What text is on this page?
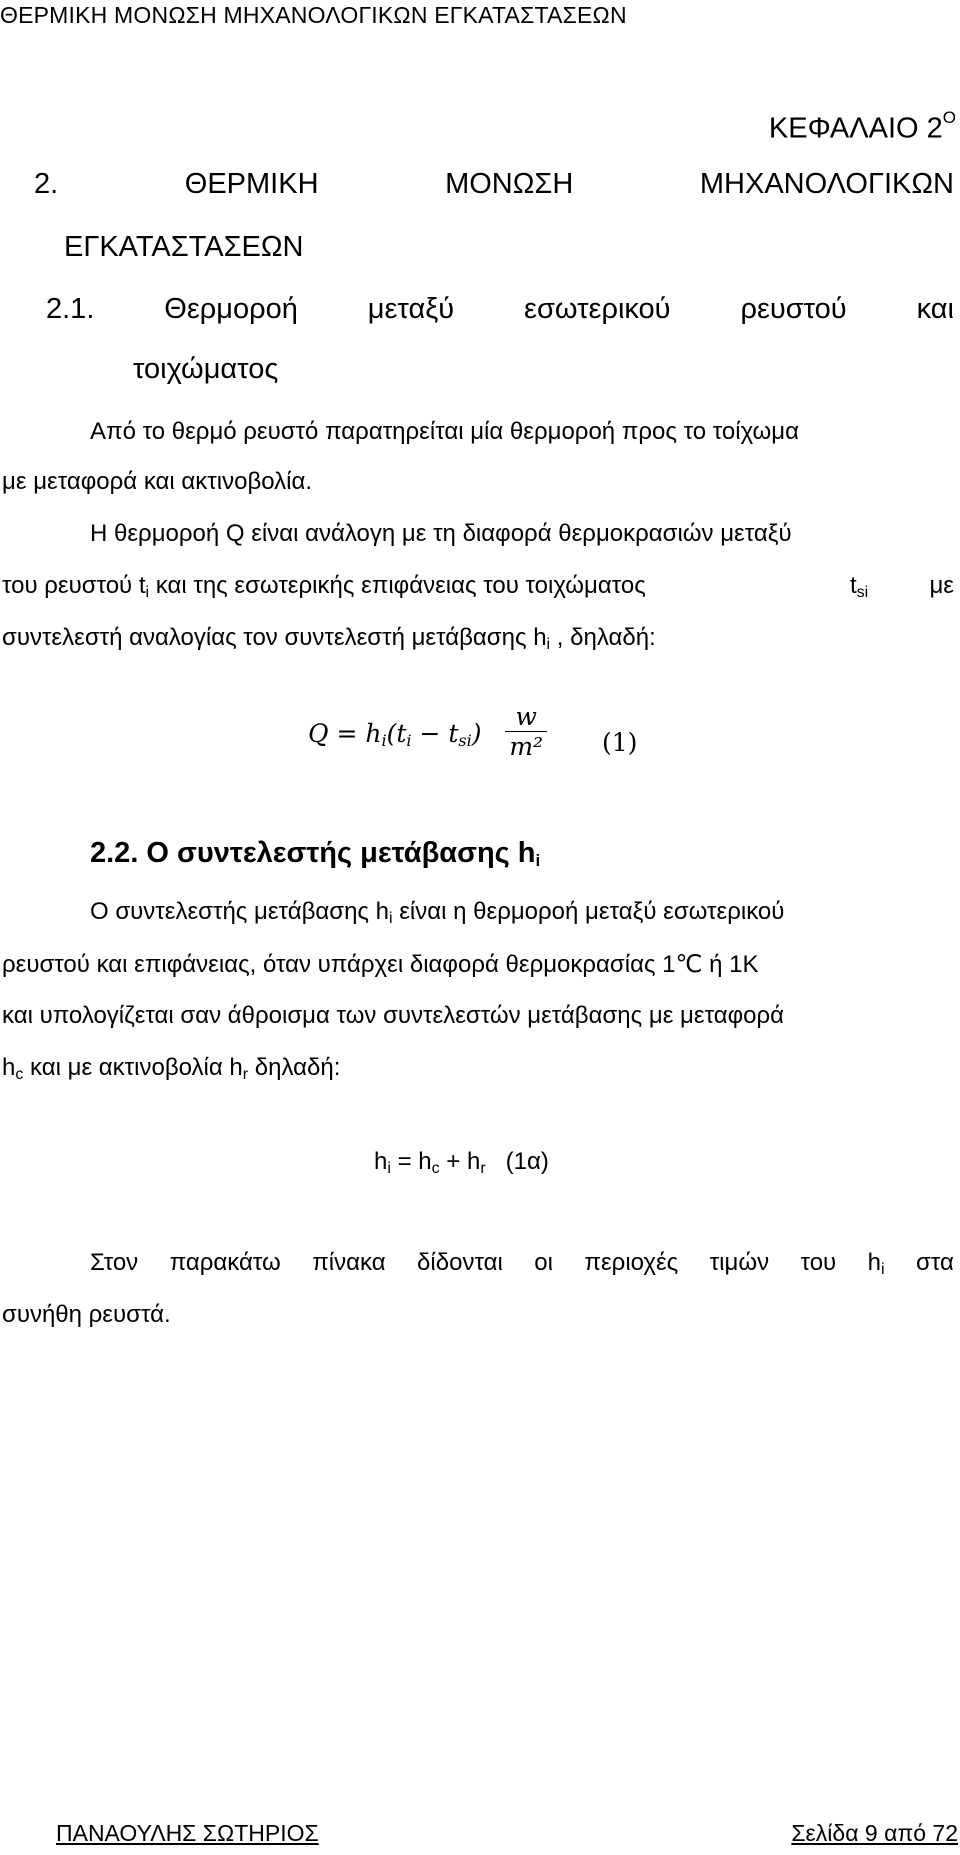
ΘΕΡΜΙΚΗ ΜΟΝΩΣΗ ΜΗΧΑΝΟΛΟΓΙΚΩΝ ΕΓΚΑΤΑΣΤΑΣΕΩΝ
ΚΕΦΑΛΑΙΟ $2^O$
2.	ΘΕΡΜΙΚΗ	ΜΟΝΩΣΗ	ΜΗΧΑΝΟΛΟΓΙΚΩΝ
ΕΓΚΑΤΑΣΤΑΣΕΩΝ
2.1. Θερμοροή μεταξύ εσωτερικού ρευστού και
τοιχώματος
Από το θερμό ρευστό παρατηρείται μία θερμοροή προς το τοίχωμα
με μεταφορά και ακτινοβολία.
Η θερμοροή Q είναι ανάλογη με τη διαφορά θερμοκρασιών μεταξύ
του ρευστού $t_i$ και της εσωτερικής επιφάνειας του τοιχώματος	$t_{si}$	με
συντελεστή αναλογίας τον συντελεστή μετάβασης $h_i$ , δηλαδή:
$Q = h_i(t_i - t_{si}) \frac{w}{\text{m²}} (1)$
2.2. Ο συντελεστής μετάβασης $h_i$
Ο συντελεστής μετάβασης $h_i$ είναι η θερμοροή μεταξύ εσωτερικού
ρευστού και επιφάνειας, όταν υπάρχει διαφορά θερμοκρασίας 1℃ ή 1Κ
και υπολογίζεται σαν άθροισμα των συντελεστών μετάβασης με μεταφορά
$h_c$ και με ακτινοβολία $h_r$ δηλαδή:
$h_i = h_c + h_r$   (1α)
Στον παρακάτω πίνακα δίδονται οι περιοχές τιμών του $h_i$ στα
συνήθη ρευστά.
ΠΑΝΑΟΥΛΗΣ ΣΩΤΗΡΙΟΣ	Σελίδα 9 από 72
